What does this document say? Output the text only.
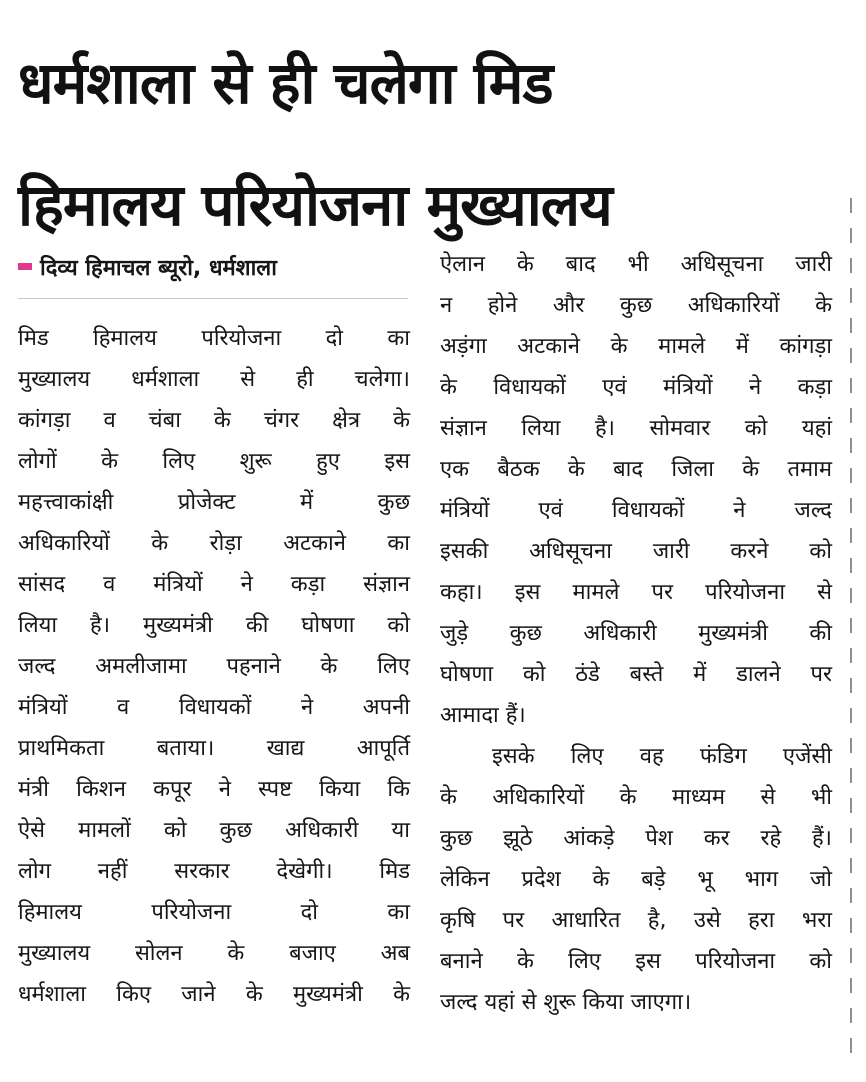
धर्मशाला से ही चलेगा मिड
हिमालय परियोजना मुख्यालय
दिव्य हिमाचल ब्यूरो, धर्मशाला
मिड हिमालय परियोजना दो का
मुख्यालय धर्मशाला से ही चलेगा।
कांगड़ा व चंबा के चंगर क्षेत्र के
लोगों के लिए शुरू हुए इस
महत्त्वाकांक्षी प्रोजेक्ट में कुछ
अधिकारियों के रोड़ा अटकाने का
सांसद व मंत्रियों ने कड़ा संज्ञान
लिया है। मुख्यमंत्री की घोषणा को
जल्द अमलीजामा पहनाने के लिए
मंत्रियों व विधायकों ने अपनी
प्राथमिकता बताया। खाद्य आपूर्ति
मंत्री किशन कपूर ने स्पष्ट किया कि
ऐसे मामलों को कुछ अधिकारी या
लोग नहीं सरकार देखेगी। मिड
हिमालय परियोजना दो का
मुख्यालय सोलन के बजाए अब
धर्मशाला किए जाने के मुख्यमंत्री के
ऐलान के बाद भी अधिसूचना जारी
न होने और कुछ अधिकारियों के
अड़ंगा अटकाने के मामले में कांगड़ा
के विधायकों एवं मंत्रियों ने कड़ा
संज्ञान लिया है। सोमवार को यहां
एक बैठक के बाद जिला के तमाम
मंत्रियों एवं विधायकों ने जल्द
इसकी अधिसूचना जारी करने को
कहा। इस मामले पर परियोजना से
जुड़े कुछ अधिकारी मुख्यमंत्री की
घोषणा को ठंडे बस्ते में डालने पर
आमादा हैं।
इसके लिए वह फंडिग एजेंसी
के अधिकारियों के माध्यम से भी
कुछ झूठे आंकड़े पेश कर रहे हैं।
लेकिन प्रदेश के बड़े भू भाग जो
कृषि पर आधारित है, उसे हरा भरा
बनाने के लिए इस परियोजना को
जल्द यहां से शुरू किया जाएगा।
